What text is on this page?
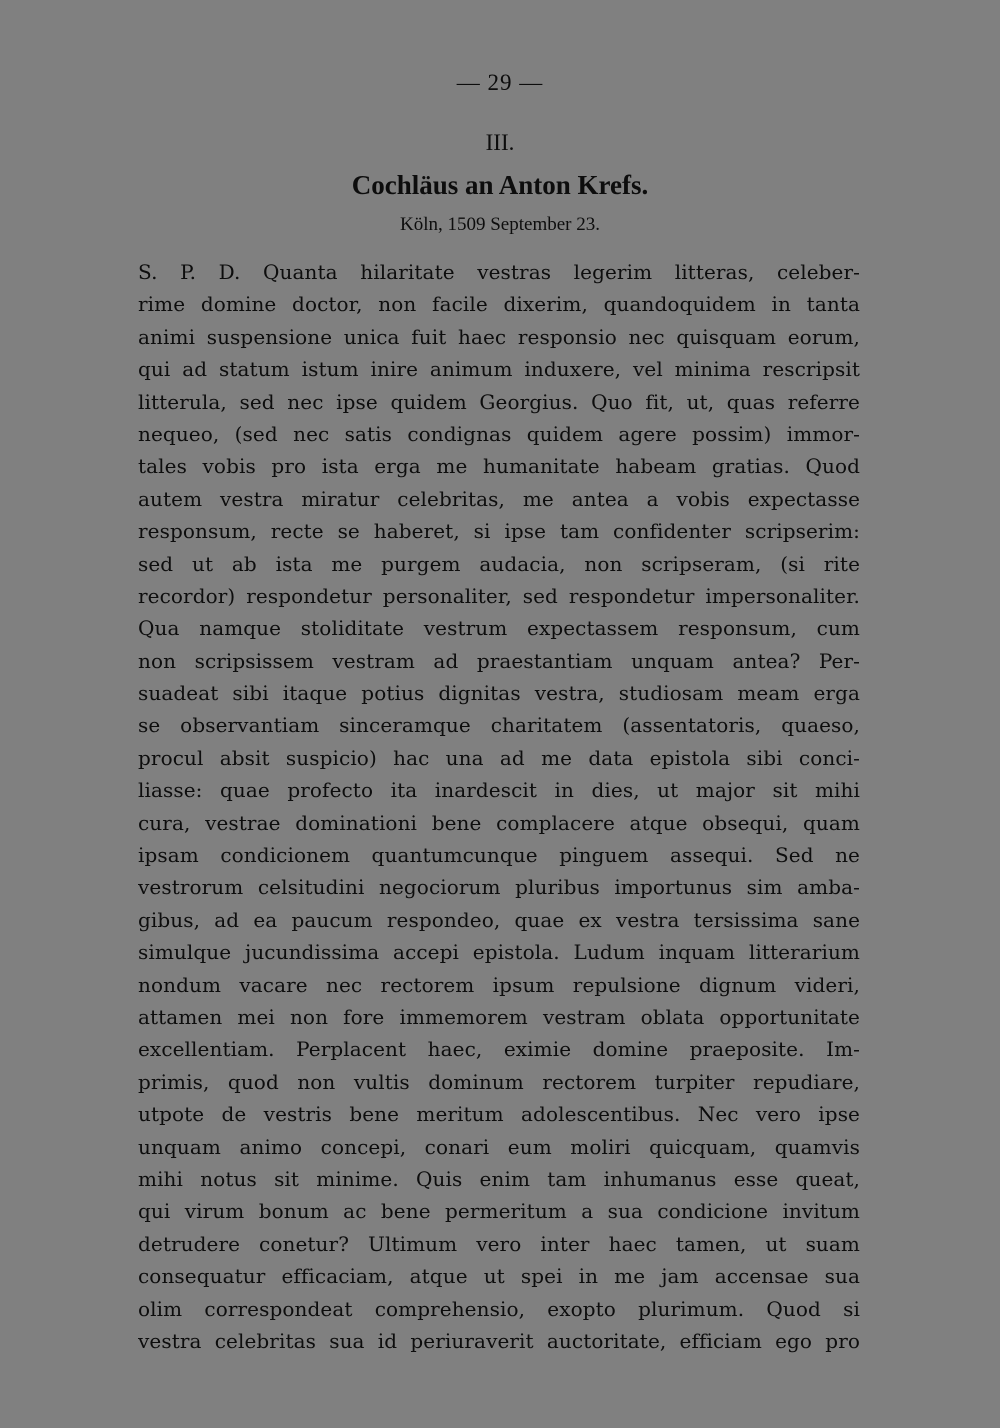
— 29 —
III.
Cochläus an Anton Krefs.
Köln, 1509 September 23.
S. P. D. Quanta hilaritate vestras legerim litteras, celeber-
rime domine doctor, non facile dixerim, quandoquidem in tanta
animi suspensione unica fuit haec responsio nec quisquam eorum,
qui ad statum istum inire animum induxere, vel minima rescripsit
litterula, sed nec ipse quidem Georgius. Quo fit, ut, quas referre
nequeo, (sed nec satis condignas quidem agere possim) immor-
tales vobis pro ista erga me humanitate habeam gratias. Quod
autem vestra miratur celebritas, me antea a vobis expectasse
responsum, recte se haberet, si ipse tam confidenter scripserim:
sed ut ab ista me purgem audacia, non scripseram, (si rite
recordor) respondetur personaliter, sed respondetur impersonaliter.
Qua namque stoliditate vestrum expectassem responsum, cum
non scripsissem vestram ad praestantiam unquam antea? Per-
suadeat sibi itaque potius dignitas vestra, studiosam meam erga
se observantiam sinceramque charitatem (assentatoris, quaeso,
procul absit suspicio) hac una ad me data epistola sibi conci-
liasse: quae profecto ita inardescit in dies, ut major sit mihi
cura, vestrae dominationi bene complacere atque obsequi, quam
ipsam condicionem quantumcunque pinguem assequi. Sed ne
vestrorum celsitudini negociorum pluribus importunus sim amba-
gibus, ad ea paucum respondeo, quae ex vestra tersissima sane
simulque jucundissima accepi epistola. Ludum inquam litterarium
nondum vacare nec rectorem ipsum repulsione dignum videri,
attamen mei non fore immemorem vestram oblata opportunitate
excellentiam. Perplacent haec, eximie domine praeposite. Im-
primis, quod non vultis dominum rectorem turpiter repudiare,
utpote de vestris bene meritum adolescentibus. Nec vero ipse
unquam animo concepi, conari eum moliri quicquam, quamvis
mihi notus sit minime. Quis enim tam inhumanus esse queat,
qui virum bonum ac bene permeritum a sua condicione invitum
detrudere conetur? Ultimum vero inter haec tamen, ut suam
consequatur efficaciam, atque ut spei in me jam accensae sua
olim correspondeat comprehensio, exopto plurimum. Quod si
vestra celebritas sua id periuraverit auctoritate, efficiam ego pro
